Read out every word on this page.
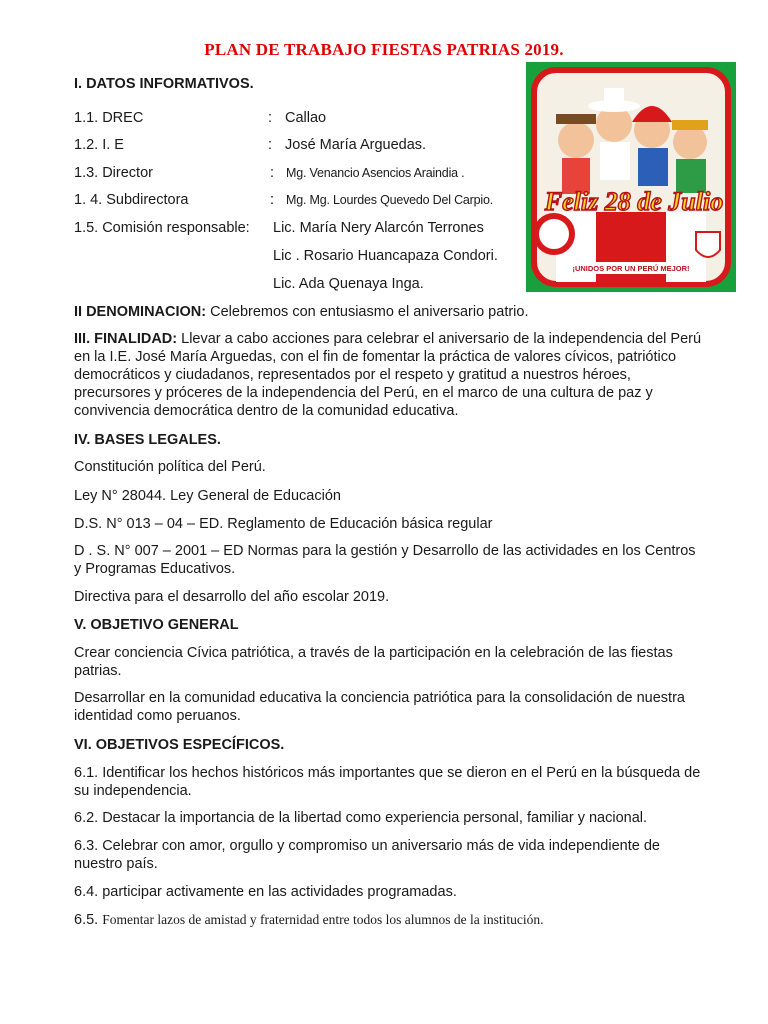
PLAN DE TRABAJO FIESTAS PATRIAS 2019.
I. DATOS INFORMATIVOS.
1.1. DREC	: Callao
1.2. I. E	: José María Arguedas.
1.3. Director	: Mg. Venancio Asencios Araindia .
1. 4. Subdirectora	: Mg. Mg. Lourdes Quevedo Del Carpio.
1.5. Comisión responsable: Lic. María Nery Alarcón Terrones
Lic . Rosario Huancapaza Condori.
Lic. Ada Quenaya Inga.
Feliz 28 de Julio
¡UNIDOS POR UN PERÚ MEJOR!
II DENOMINACION: Celebremos con entusiasmo el aniversario patrio.
III. FINALIDAD: Llevar a cabo acciones para celebrar el aniversario de la independencia del Perú en la I.E. José María Arguedas, con el fin de fomentar la práctica de valores cívicos, patriótico democráticos y ciudadanos, representados por el respeto y gratitud a nuestros héroes, precursores y próceres de la independencia del Perú, en el marco de una cultura de paz y convivencia democrática dentro de la comunidad educativa.
IV. BASES LEGALES.
Constitución política del Perú.
Ley N° 28044. Ley General de Educación
D.S. N° 013 – 04 – ED. Reglamento de Educación básica regular
D . S. N° 007 – 2001 – ED Normas para la gestión y Desarrollo de las actividades en los Centros y Programas Educativos.
Directiva para el desarrollo del año escolar 2019.
V. OBJETIVO GENERAL
Crear conciencia Cívica patriótica, a través de la participación en la celebración de las fiestas patrias.
Desarrollar en la comunidad educativa la conciencia patriótica para la consolidación de nuestra identidad como peruanos.
VI. OBJETIVOS ESPECÍFICOS.
6.1. Identificar los hechos históricos más importantes que se dieron en el Perú en la búsqueda de su independencia.
6.2. Destacar la importancia de la libertad como experiencia personal, familiar y nacional.
6.3. Celebrar con amor, orgullo y compromiso un aniversario más de vida independiente de nuestro país.
6.4. participar activamente en las actividades programadas.
6.5. Fomentar lazos de amistad y fraternidad entre todos los alumnos de la institución.
